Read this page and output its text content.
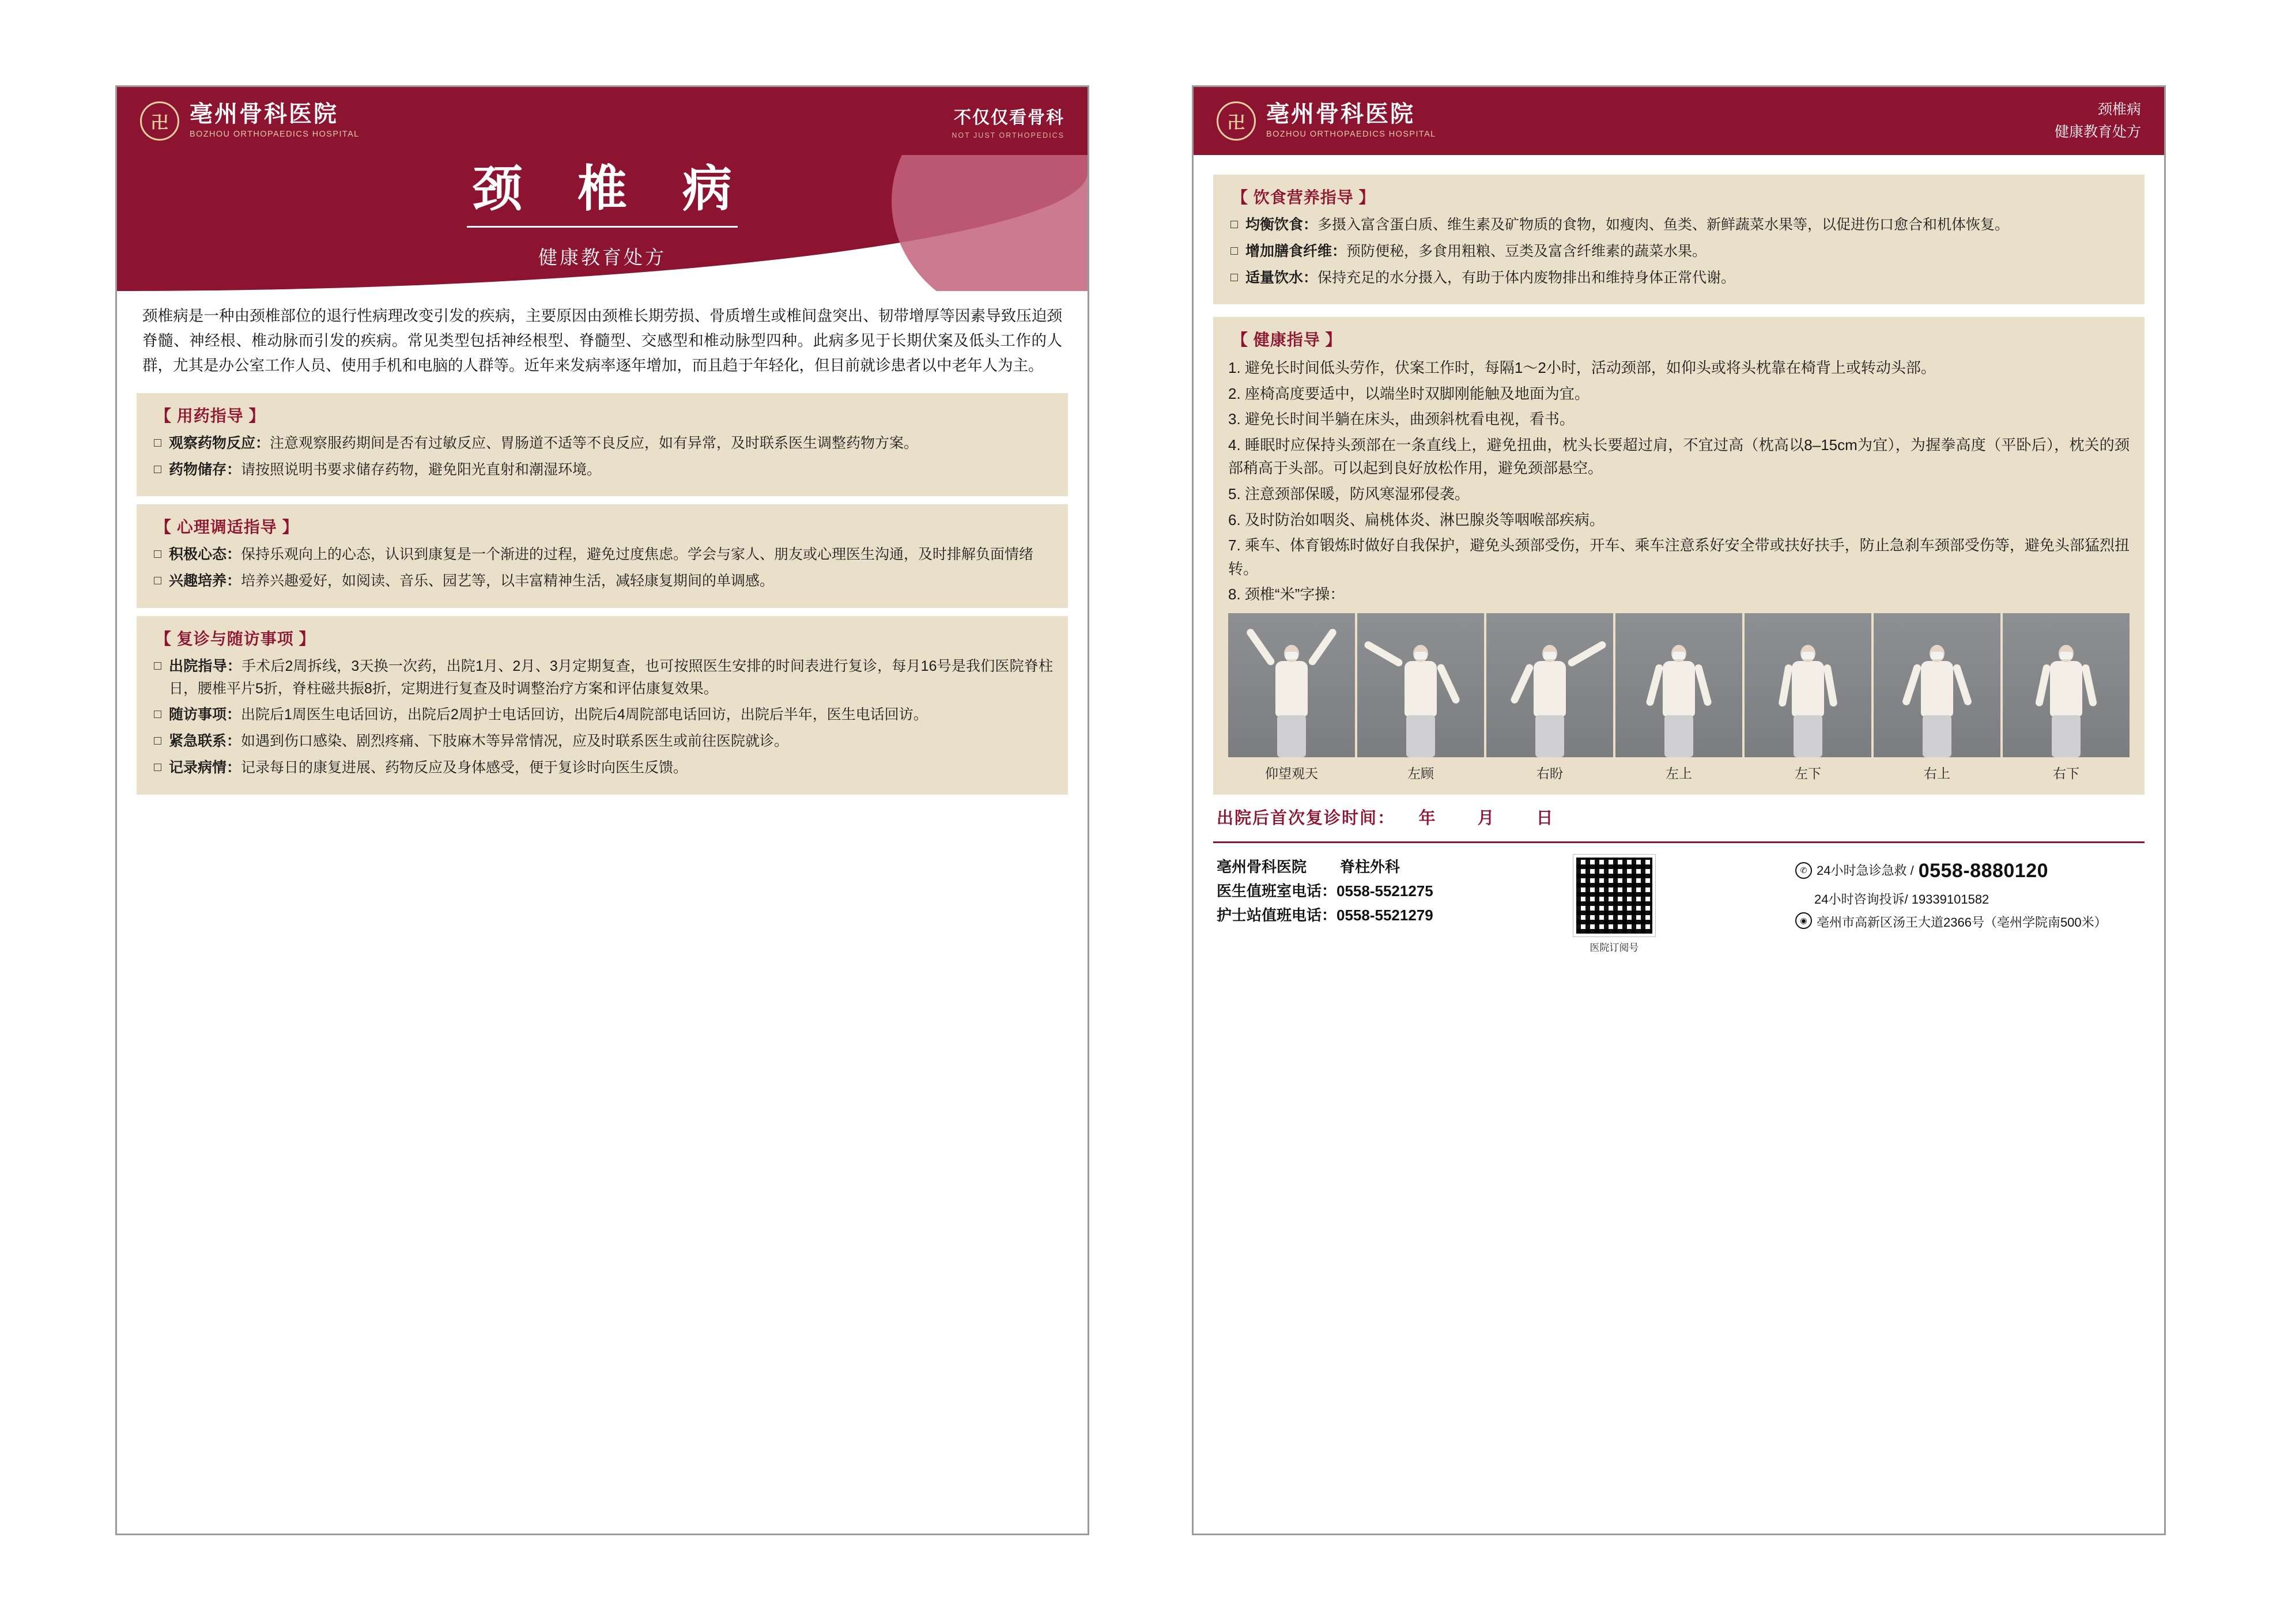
卍 亳州骨科医院
BOZHOU ORTHOPAEDICS HOSPITAL
不仅仅看骨科
NOT JUST ORTHOPEDICS
颈 椎 病
健康教育处方
颈椎病是一种由颈椎部位的退行性病理改变引发的疾病，主要原因由颈椎长期劳损、骨质增生或椎间盘突出、韧带增厚等因素导致压迫颈脊髓、神经根、椎动脉而引发的疾病。常见类型包括神经根型、脊髓型、交感型和椎动脉型四种。此病多见于长期伏案及低头工作的人群，尤其是办公室工作人员、使用手机和电脑的人群等。近年来发病率逐年增加，而且趋于年轻化，但目前就诊患者以中老年人为主。
【 用药指导 】
观察药物反应：注意观察服药期间是否有过敏反应、胃肠道不适等不良反应，如有异常，及时联系医生调整药物方案。
药物储存：请按照说明书要求储存药物，避免阳光直射和潮湿环境。
【 心理调适指导 】
积极心态：保持乐观向上的心态，认识到康复是一个渐进的过程，避免过度焦虑。学会与家人、朋友或心理医生沟通，及时排解负面情绪
兴趣培养：培养兴趣爱好，如阅读、音乐、园艺等，以丰富精神生活，减轻康复期间的单调感。
【 复诊与随访事项 】
出院指导：手术后2周拆线，3天换一次药，出院1月、2月、3月定期复查，也可按照医生安排的时间表进行复诊，每月16号是我们医院脊柱日，腰椎平片5折，脊柱磁共振8折，定期进行复查及时调整治疗方案和评估康复效果。
随访事项：出院后1周医生电话回访，出院后2周护士电话回访，出院后4周院部电话回访，出院后半年，医生电话回访。
紧急联系：如遇到伤口感染、剧烈疼痛、下肢麻木等异常情况，应及时联系医生或前往医院就诊。
记录病情：记录每日的康复进展、药物反应及身体感受，便于复诊时向医生反馈。
卍 亳州骨科医院
BOZHOU ORTHOPAEDICS HOSPITAL
颈椎病
健康教育处方
【 饮食营养指导 】
均衡饮食：多摄入富含蛋白质、维生素及矿物质的食物，如瘦肉、鱼类、新鲜蔬菜水果等，以促进伤口愈合和机体恢复。
增加膳食纤维：预防便秘，多食用粗粮、豆类及富含纤维素的蔬菜水果。
适量饮水：保持充足的水分摄入，有助于体内废物排出和维持身体正常代谢。
【 健康指导 】
1. 避免长时间低头劳作，伏案工作时，每隔1～2小时，活动颈部，如仰头或将头枕靠在椅背上或转动头部。
2. 座椅高度要适中，以端坐时双脚刚能触及地面为宜。
3. 避免长时间半躺在床头，曲颈斜枕看电视，看书。
4. 睡眠时应保持头颈部在一条直线上，避免扭曲，枕头长要超过肩，不宜过高（枕高以8–15cm为宜），为握拳高度（平卧后），枕关的颈部稍高于头部。可以起到良好放松作用，避免颈部悬空。
5. 注意颈部保暖，防风寒湿邪侵袭。
6. 及时防治如咽炎、扁桃体炎、淋巴腺炎等咽喉部疾病。
7. 乘车、体育锻炼时做好自我保护，避免头颈部受伤，开车、乘车注意系好安全带或扶好扶手，防止急刹车颈部受伤等，避免头部猛烈扭转。
8. 颈椎“米”字操：
仰望观天	左顾	右盼	左上	左下	右上	右下
出院后首次复诊时间：	年	月	日
亳州骨科医院 脊柱外科
医生值班室电话：0558-5521275
护士站值班电话：0558-5521279
医院订阅号
✆ 24小时急诊急救 / 0558-8880120
24小时咨询投诉/ 19339101582
◉ 亳州市高新区汤王大道2366号（亳州学院南500米）
